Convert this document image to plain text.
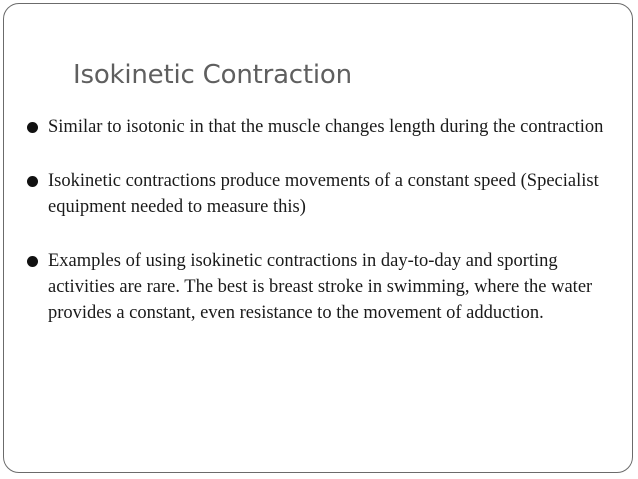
Isokinetic Contraction
Similar to isotonic in that the muscle changes length during the contraction
Isokinetic contractions produce movements of a constant speed (Specialist equipment needed to measure this)
Examples of using isokinetic contractions in day-to-day and sporting activities are rare. The best is breast stroke in swimming, where the water provides a constant, even resistance to the movement of adduction.
